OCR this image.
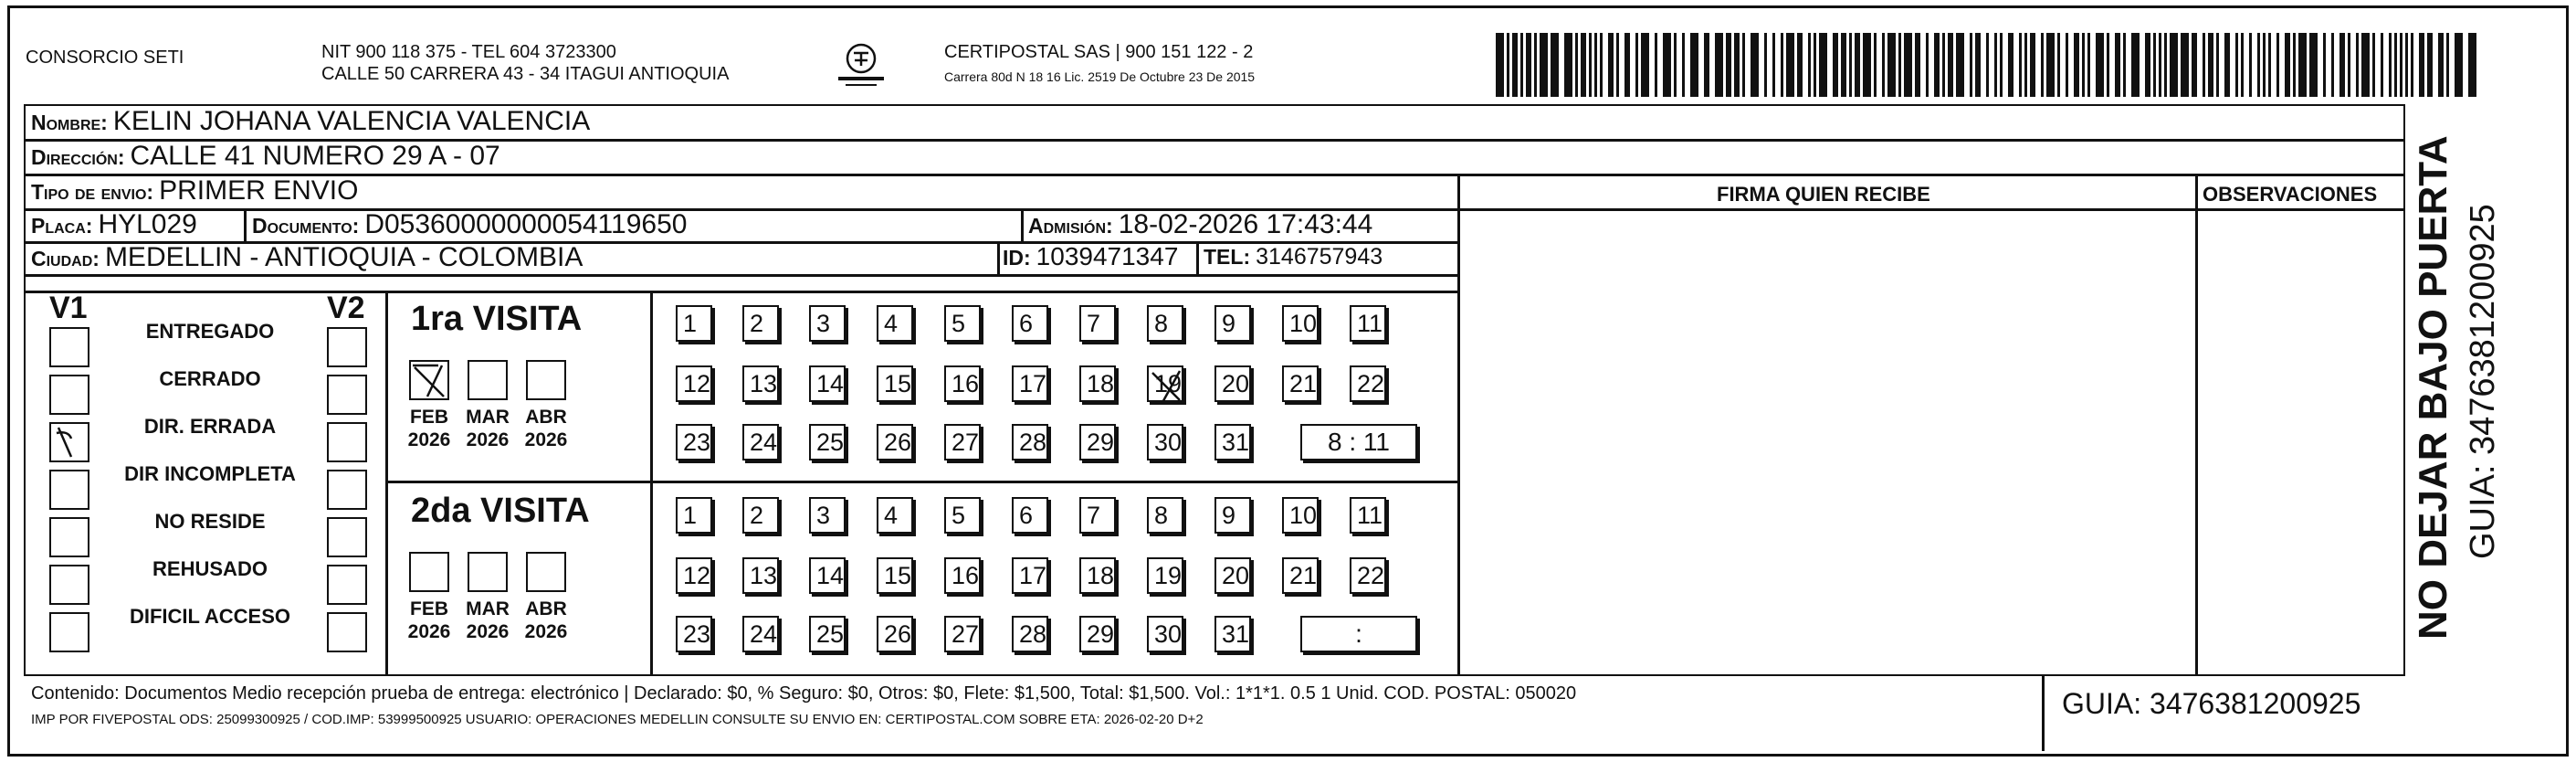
CONSORCIO SETI	NIT 900 118 375 - TEL 604 3723300
CALLE 50 CARRERA 43 - 34 ITAGUI ANTIOQUIA
CERTIPOSTAL SAS | 900 151 122 - 2
Carrera 80d N 18 16 Lic. 2519 De Octubre 23 De 2015
Nombre: KELIN JOHANA VALENCIA VALENCIA
Dirección: CALLE 41 NUMERO 29 A - 07
Tipo de envio: PRIMER ENVIO
Placa: HYL029	Documento: D05360000000054119650	Admisión: 18-02-2026 17:43:44
Ciudad: MEDELLIN - ANTIOQUIA - COLOMBIA	ID: 1039471347 TEL: 3146757943
FIRMA QUIEN RECIBE	OBSERVACIONES
V1	V2
ENTREGADO
CERRADO
DIR. ERRADA
DIR INCOMPLETA
NO RESIDE
REHUSADO
DIFICIL ACCESO
1ra VISITA
FEB
2026
MAR
2026
ABR
2026
1	2	3	4	5	6	7	8	9	10 11
12 13 14 15 16 17 18 19 20 21 22
23 24 25 26 27 28 29 30 31	8 : 11
2da VISITA
FEB
2026
MAR
2026
ABR
2026
1	2	3	4	5	6	7	8	9	10 11
12 13 14 15 16 17 18 19 20 21 22
23 24 25 26 27 28 29 30 31	:
Contenido: Documentos Medio recepción prueba de entrega: electrónico | Declarado: $0, % Seguro: $0, Otros: $0, Flete: $1,500, Total: $1,500. Vol.: 1*1*1. 0.5 1 Unid. COD. POSTAL: 050020
IMP POR FIVEPOSTAL ODS: 25099300925 / COD.IMP: 53999500925 USUARIO: OPERACIONES MEDELLIN CONSULTE SU ENVIO EN: CERTIPOSTAL.COM SOBRE ETA: 2026-02-20 D+2	GUIA: 3476381200925
NO DEJAR BAJO PUERTA GUIA: 3476381200925
